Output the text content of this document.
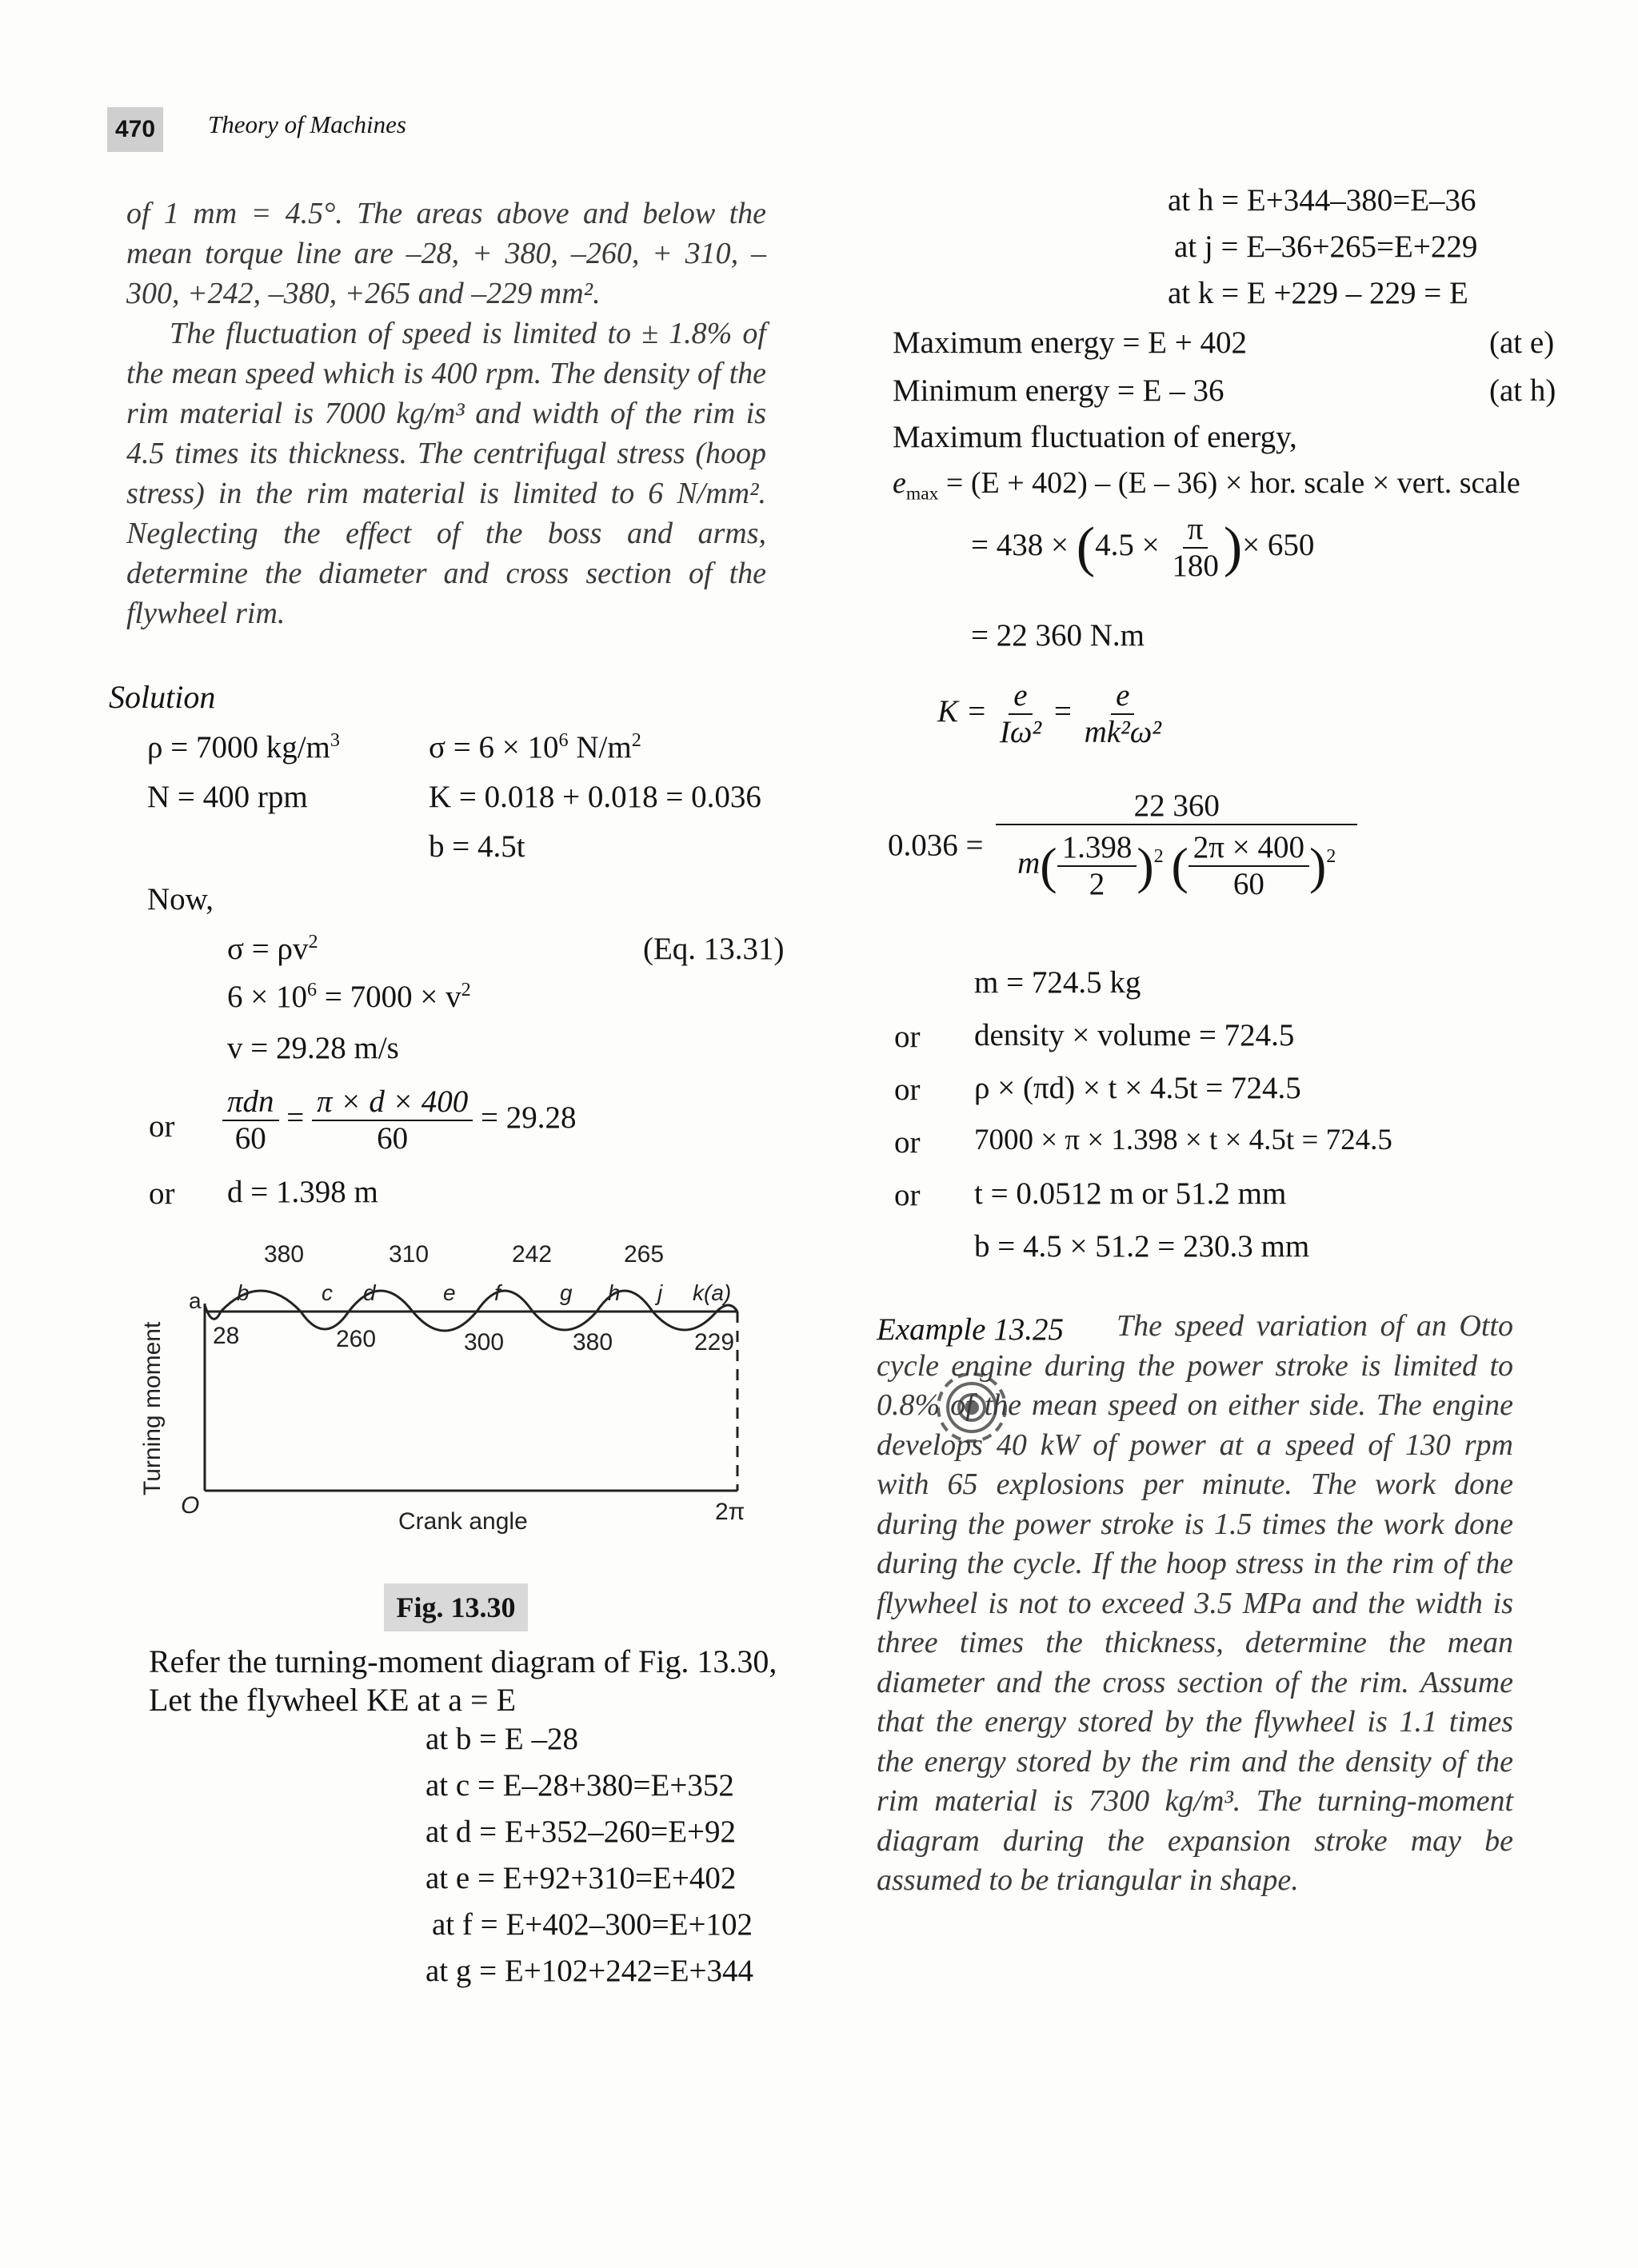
470	Theory of Machines

of 1 mm = 4.5°. The areas above and below the mean torque line are –28, + 380, –260, + 310, –300, +242, –380, +265 and –229 mm².

The fluctuation of speed is limited to ± 1.8% of the mean speed which is 400 rpm. The density of the rim material is 7000 kg/m³ and width of the rim is 4.5 times its thickness. The centrifugal stress (hoop stress) in the rim material is limited to 6 N/mm². Neglecting the effect of the boss and arms, determine the diameter and cross section of the flywheel rim.

Solution
ρ = 7000 $kg/m^3$	$\sigma = 6 \times 10^6$ $N/m^2$
N = 400 rpm	K = 0.018 + 0.018 = 0.036
b = 4.5t
Now,
$\sigma = \rho v^2$	(Eq. 13.31)
$6 \times 10^6 = 7000 \times v^2$
v = 29.28 m/s
or $\frac{\text{πdn}}{60} = \frac{\pi \times d \times 400}{60} = 29.28$
or d = 1.398 m
a b	c d	e f	g h j k(a)
380	310	242	265
28	260	300	380	229
O	2π
Crank angle
Turning moment
Fig. 13.30
Refer the turning-moment diagram of Fig. 13.30,
Let the flywheel KE at a = E
at b = E –28
at c = E–28+380=E+352
at d = E+352–260=E+92
at e = E+92+310=E+402
at f = E+402–300=E+102
at g = E+102+242=E+344
at h = E+344–380=E–36
at j = E–36+265=E+229
at k = E +229 – 229 = E
Maximum energy = E + 402	(at e)
Minimum energy = E – 36	(at h)
Maximum fluctuation of energy,
$e_{max} = (E + 402) - (E - 36)$ × hor. scale × vert. scale
= $438 \times (4.5 \times \frac{\pi}{180}$ )× 650
= 22 360 N.m
$K = \frac{e}{\text{Iω²}} = \frac{e}{\text{mk²ω²}}$
$0.036 = \frac{22 360}{m( \frac{1.398}{2} )^2 ( \frac{2\pi \times 400}{60} )^2}$
m = 724.5 kg
or density × volume = 724.5
or ρ × (πd) × t × 4.5t = 724.5
or 7000 × π × 1.398 × t × 4.5t = 724.5
or t = 0.0512 m or 51.2 mm
b = 4.5 × 51.2 = 230.3 mm
Example 13.25	The speed variation of an Otto cycle engine during the power stroke is limited to 0.8% of the mean speed on either side. The engine develops 40 kW of power at a speed of 130 rpm with 65 explosions per minute. The work done during the power stroke is 1.5 times the work done during the cycle. If the hoop stress in the rim of the flywheel is not to exceed 3.5 MPa and the width is three times the thickness, determine the mean diameter and the cross section of the rim. Assume that the energy stored by the flywheel is 1.1 times the energy stored by the rim and the density of the rim material is 7300 kg/m³. The turning-moment diagram during the expansion stroke may be assumed to be triangular in shape.
